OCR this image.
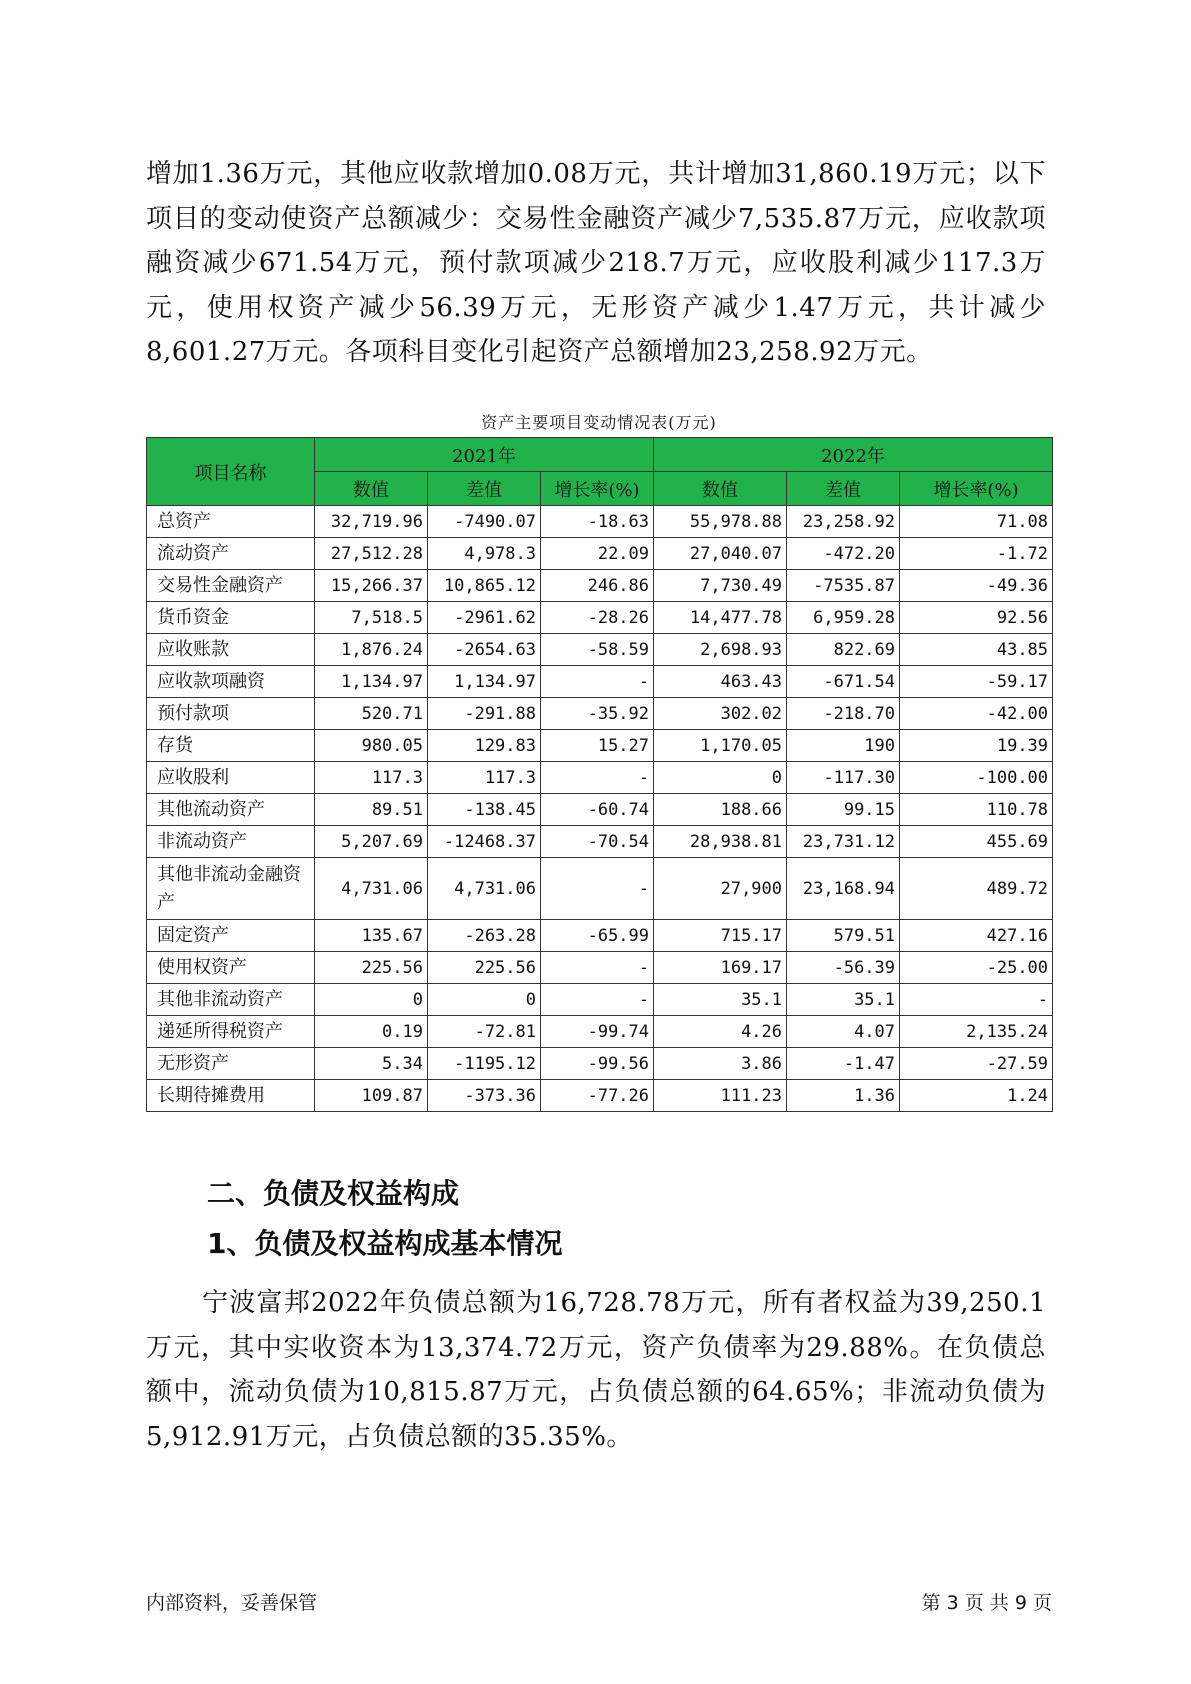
增加1.36万元，其他应收款增加0.08万元，共计增加31,860.19万元；以下项目的变动使资产总额减少：交易性金融资产减少7,535.87万元，应收款项融资减少671.54万元，预付款项减少218.7万元，应收股利减少117.3万元，使用权资产减少56.39万元，无形资产减少1.47万元，共计减少8,601.27万元。各项科目变化引起资产总额增加23,258.92万元。

资产主要项目变动情况表(万元)
项目名称	2021年			2022年		
	数值	差值	增长率(%)	数值	差值	增长率(%)
总资产	32,719.96	-7490.07	-18.63	55,978.88	23,258.92	71.08
流动资产	27,512.28	4,978.3	22.09	27,040.07	-472.20	-1.72
交易性金融资产	15,266.37	10,865.12	246.86	7,730.49	-7535.87	-49.36
货币资金	7,518.5	-2961.62	-28.26	14,477.78	6,959.28	92.56
应收账款	1,876.24	-2654.63	-58.59	2,698.93	822.69	43.85
应收款项融资	1,134.97	1,134.97	-	463.43	-671.54	-59.17
预付款项	520.71	-291.88	-35.92	302.02	-218.70	-42.00
存货	980.05	129.83	15.27	1,170.05	190	19.39
应收股利	117.3	117.3	-	0	-117.30	-100.00
其他流动资产	89.51	-138.45	-60.74	188.66	99.15	110.78
非流动资产	5,207.69	-12468.37	-70.54	28,938.81	23,731.12	455.69
其他非流动金融资产	4,731.06	4,731.06	-	27,900	23,168.94	489.72
固定资产	135.67	-263.28	-65.99	715.17	579.51	427.16
使用权资产	225.56	225.56	-	169.17	-56.39	-25.00
其他非流动资产	0	0	-	35.1	35.1	-
递延所得税资产	0.19	-72.81	-99.74	4.26	4.07	2,135.24
无形资产	5.34	-1195.12	-99.56	3.86	-1.47	-27.59
长期待摊费用	109.87	-373.36	-77.26	111.23	1.36	1.24
二、负债及权益构成
1、负债及权益构成基本情况

宁波富邦2022年负债总额为16,728.78万元，所有者权益为39,250.1万元，其中实收资本为13,374.72万元，资产负债率为29.88%。在负债总额中，流动负债为10,815.87万元，占负债总额的64.65%；非流动负债为5,912.91万元，占负债总额的35.35%。

内部资料，妥善保管	第 3 页 共 9 页
